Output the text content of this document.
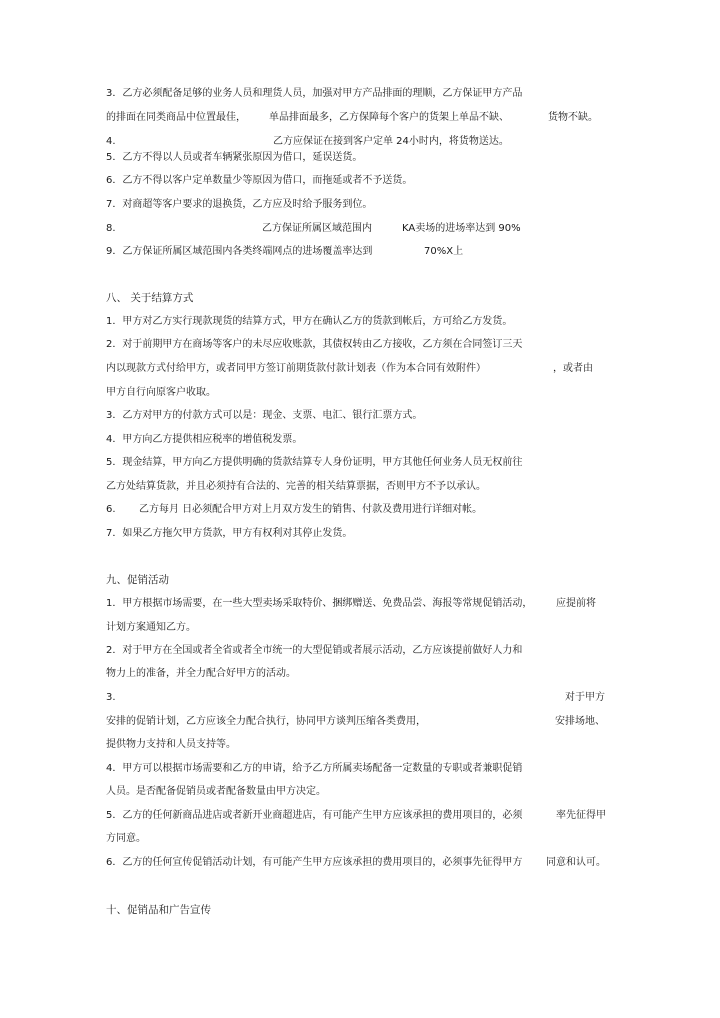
3．乙方必须配备足够的业务人员和理货人员，加强对甲方产品排面的理顺，乙方保证甲方产品
的排面在同类商品中位置最佳， 单品排面最多，乙方保障每个客户的货架上单品不缺、	货物不缺。
4.	乙方应保证在接到客户定单 24小时内，将货物送达。
5．乙方不得以人员或者车辆紧张原因为借口，延误送货。
6．乙方不得以客户定单数量少等原因为借口，而拖延或者不予送货。
7．对商超等客户要求的退换货，乙方应及时给予服务到位。
8.	乙方保证所属区域范围内	KA卖场的进场率达到 90%
9．乙方保证所属区域范围内各类终端网点的进场覆盖率达到	70%X上
八、 关于结算方式
1．甲方对乙方实行现款现货的结算方式，甲方在确认乙方的货款到帐后，方可给乙方发货。
2．对于前期甲方在商场等客户的未尽应收账款，其债权转由乙方接收，乙方须在合同签订三天
内以现款方式付给甲方，或者同甲方签订前期货款付款计划表（作为本合同有效附件）	，或者由
甲方自行向原客户收取。
3．乙方对甲方的付款方式可以是：现金、支票、电汇、银行汇票方式。
4．甲方向乙方提供相应税率的增值税发票。
5．现金结算，甲方向乙方提供明确的货款结算专人身份证明，甲方其他任何业务人员无权前往
乙方处结算货款，并且必须持有合法的、完善的相关结算票据，否则甲方不予以承认。
6. 乙方每月 日必须配合甲方对上月双方发生的销售、付款及费用进行详细对帐。
7．如果乙方拖欠甲方货款，甲方有权利对其停止发货。
九、促销活动
1．甲方根据市场需要，在一些大型卖场采取特价、捆绑赠送、免费品尝、海报等常规促销活动， 应提前将
计划方案通知乙方。
2．对于甲方在全国或者全省或者全市统一的大型促销或者展示活动，乙方应该提前做好人力和
物力上的准备，并全力配合好甲方的活动。
3.	对于甲方
安排的促销计划，乙方应该全力配合执行，协同甲方谈判压缩各类费用，	安排场地、
提供物力支持和人员支持等。
4．甲方可以根据市场需要和乙方的申请，给予乙方所属卖场配备一定数量的专职或者兼职促销
人员。是否配备促销员或者配备数量由甲方决定。
5．乙方的任何新商品进店或者新开业商超进店，有可能产生甲方应该承担的费用项目的，必须	率先征得甲
方同意。
6．乙方的任何宣传促销活动计划，有可能产生甲方应该承担的费用项目的，必须事先征得甲方 同意和认可。
十、促销品和广告宣传
